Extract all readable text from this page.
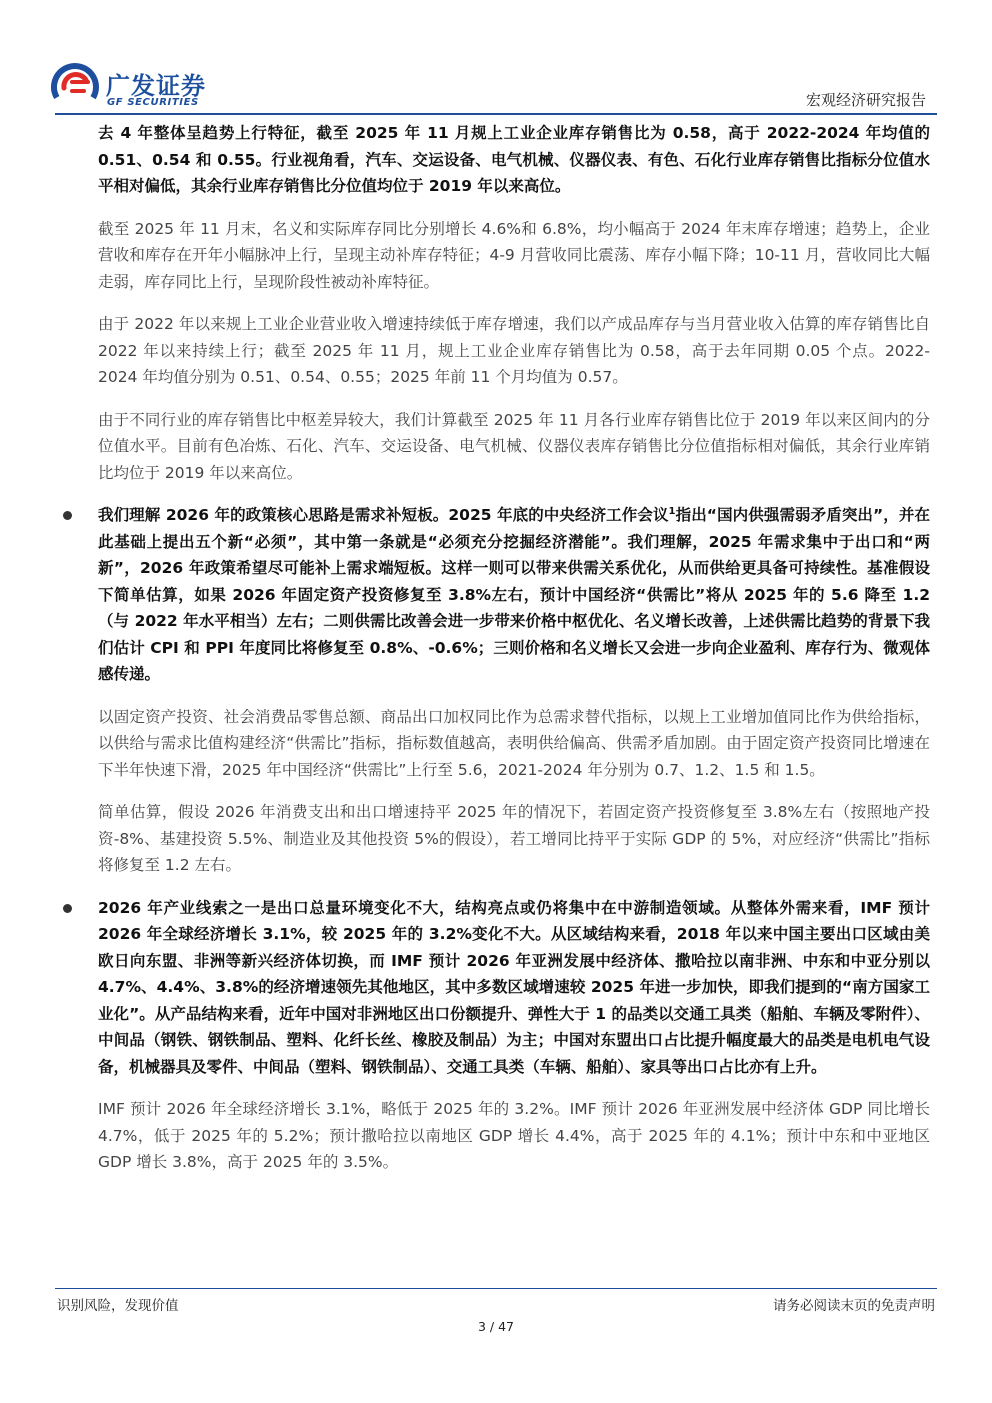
广发证券
GF SECURITIES	宏观经济研究报告

去 4 年整体呈趋势上行特征，截至 2025 年 11 月规上工业企业库存销售比为 0.58，高于 2022-2024 年均值的 0.51、0.54 和 0.55。行业视角看，汽车、交运设备、电气机械、仪器仪表、有色、石化行业库存销售比指标分位值水平相对偏低，其余行业库存销售比分位值均位于 2019 年以来高位。

截至 2025 年 11 月末，名义和实际库存同比分别增长 4.6%和 6.8%，均小幅高于 2024 年末库存增速；趋势上，企业营收和库存在开年小幅脉冲上行，呈现主动补库存特征；4-9 月营收同比震荡、库存小幅下降；10-11 月，营收同比大幅走弱，库存同比上行，呈现阶段性被动补库特征。

由于 2022 年以来规上工业企业营业收入增速持续低于库存增速，我们以产成品库存与当月营业收入估算的库存销售比自 2022 年以来持续上行；截至 2025 年 11 月，规上工业企业库存销售比为 0.58，高于去年同期 0.05 个点。2022-2024 年均值分别为 0.51、0.54、0.55；2025 年前 11 个月均值为 0.57。

由于不同行业的库存销售比中枢差异较大，我们计算截至 2025 年 11 月各行业库存销售比位于 2019 年以来区间内的分位值水平。目前有色冶炼、石化、汽车、交运设备、电气机械、仪器仪表库存销售比分位值指标相对偏低，其余行业库销比均位于 2019 年以来高位。

我们理解 2026 年的政策核心思路是需求补短板。2025 年底的中央经济工作会议$^1$指出“国内供强需弱矛盾突出”，并在此基础上提出五个新“必须”，其中第一条就是“必须充分挖掘经济潜能”。我们理解，2025 年需求集中于出口和“两新”，2026 年政策希望尽可能补上需求端短板。这样一则可以带来供需关系优化，从而供给更具备可持续性。基准假设下简单估算，如果 2026 年固定资产投资修复至 3.8%左右，预计中国经济“供需比”将从 2025 年的 5.6 降至 1.2（与 2022 年水平相当）左右；二则供需比改善会进一步带来价格中枢优化、名义增长改善，上述供需比趋势的背景下我们估计 CPI 和 PPI 年度同比将修复至 0.8%、-0.6%；三则价格和名义增长又会进一步向企业盈利、库存行为、微观体感传递。

以固定资产投资、社会消费品零售总额、商品出口加权同比作为总需求替代指标，以规上工业增加值同比作为供给指标，以供给与需求比值构建经济“供需比”指标，指标数值越高，表明供给偏高、供需矛盾加剧。由于固定资产投资同比增速在下半年快速下滑，2025 年中国经济“供需比”上行至 5.6，2021-2024 年分别为 0.7、1.2、1.5 和 1.5。

简单估算，假设 2026 年消费支出和出口增速持平 2025 年的情况下，若固定资产投资修复至 3.8%左右（按照地产投资-8%、基建投资 5.5%、制造业及其他投资 5%的假设），若工增同比持平于实际 GDP 的 5%，对应经济“供需比”指标将修复至 1.2 左右。

2026 年产业线索之一是出口总量环境变化不大，结构亮点或仍将集中在中游制造领域。从整体外需来看，IMF 预计 2026 年全球经济增长 3.1%，较 2025 年的 3.2%变化不大。从区域结构来看，2018 年以来中国主要出口区域由美欧日向东盟、非洲等新兴经济体切换，而 IMF 预计 2026 年亚洲发展中经济体、撒哈拉以南非洲、中东和中亚分别以 4.7%、4.4%、3.8%的经济增速领先其他地区，其中多数区域增速较 2025 年进一步加快，即我们提到的“南方国家工业化”。从产品结构来看，近年中国对非洲地区出口份额提升、弹性大于 1 的品类以交通工具类（船舶、车辆及零附件）、中间品（钢铁、钢铁制品、塑料、化纤长丝、橡胶及制品）为主；中国对东盟出口占比提升幅度最大的品类是电机电气设备，机械器具及零件、中间品（塑料、钢铁制品）、交通工具类（车辆、船舶）、家具等出口占比亦有上升。

IMF 预计 2026 年全球经济增长 3.1%，略低于 2025 年的 3.2%。IMF 预计 2026 年亚洲发展中经济体 GDP 同比增长 4.7%，低于 2025 年的 5.2%；预计撒哈拉以南地区 GDP 增长 4.4%，高于 2025 年的 4.1%；预计中东和中亚地区 GDP 增长 3.8%，高于 2025 年的 3.5%。

识别风险，发现价值	请务必阅读末页的免责声明
3 / 47
